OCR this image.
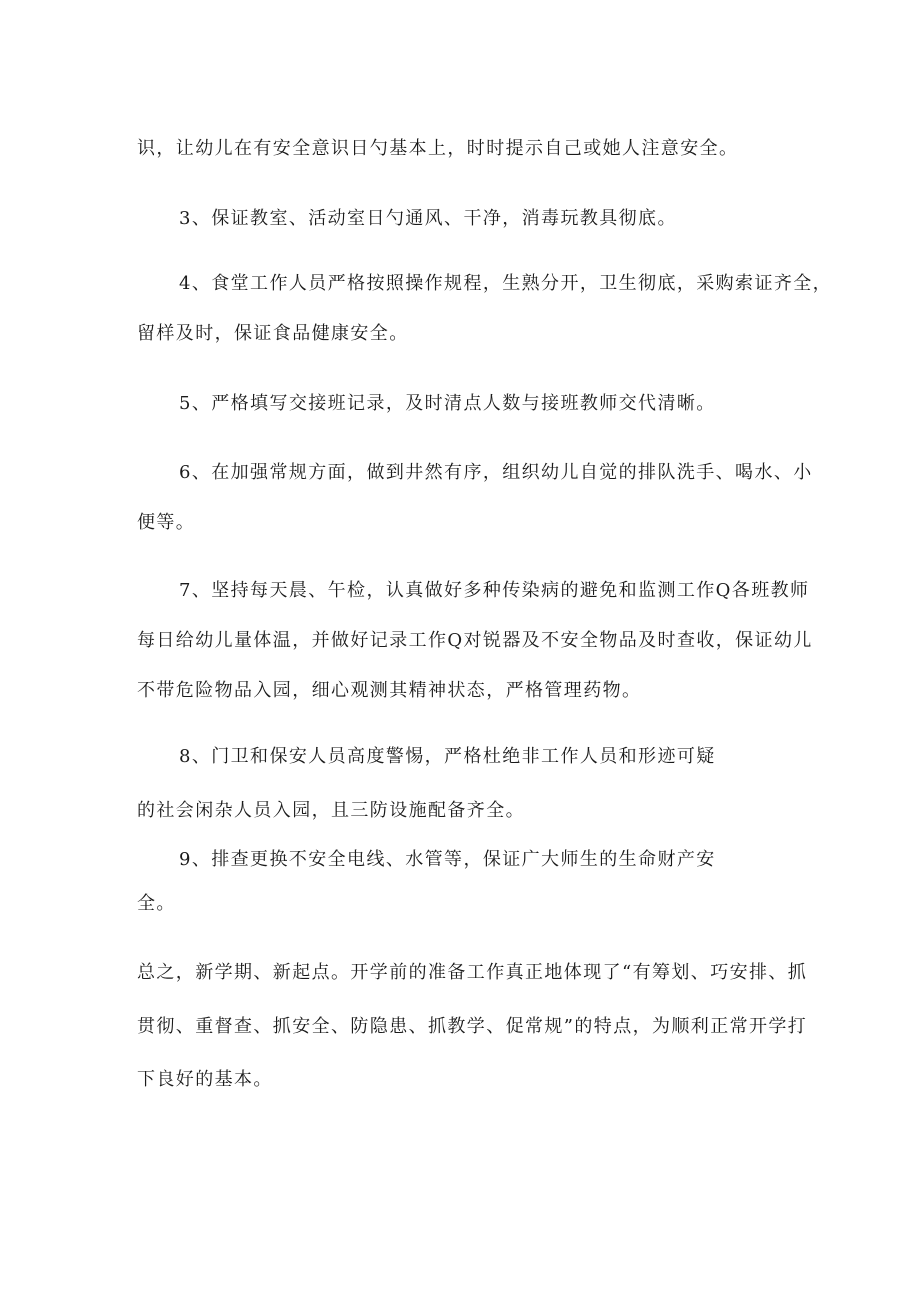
识，让幼儿在有安全意识日勺基本上，时时提示自己或她人注意安全。

3、保证教室、活动室日勺通风、干净，消毒玩教具彻底。

4、食堂工作人员严格按照操作规程，生熟分开，卫生彻底，采购索证齐全，

留样及时，保证食品健康安全。

5、严格填写交接班记录，及时清点人数与接班教师交代清晰。

6、在加强常规方面，做到井然有序，组织幼儿自觉的排队洗手、喝水、小

便等。

7、坚持每天晨、午检，认真做好多种传染病的避免和监测工作Q各班教师

每日给幼儿量体温，并做好记录工作Q对锐器及不安全物品及时查收，保证幼儿

不带危险物品入园，细心观测其精神状态，严格管理药物。

8、门卫和保安人员高度警惕，严格杜绝非工作人员和形迹可疑

的社会闲杂人员入园，且三防设施配备齐全。

9、排查更换不安全电线、水管等，保证广大师生的生命财产安

全。

总之，新学期、新起点。开学前的准备工作真正地体现了“有筹划、巧安排、抓

贯彻、重督查、抓安全、防隐患、抓教学、促常规”的特点，为顺利正常开学打

下良好的基本。
